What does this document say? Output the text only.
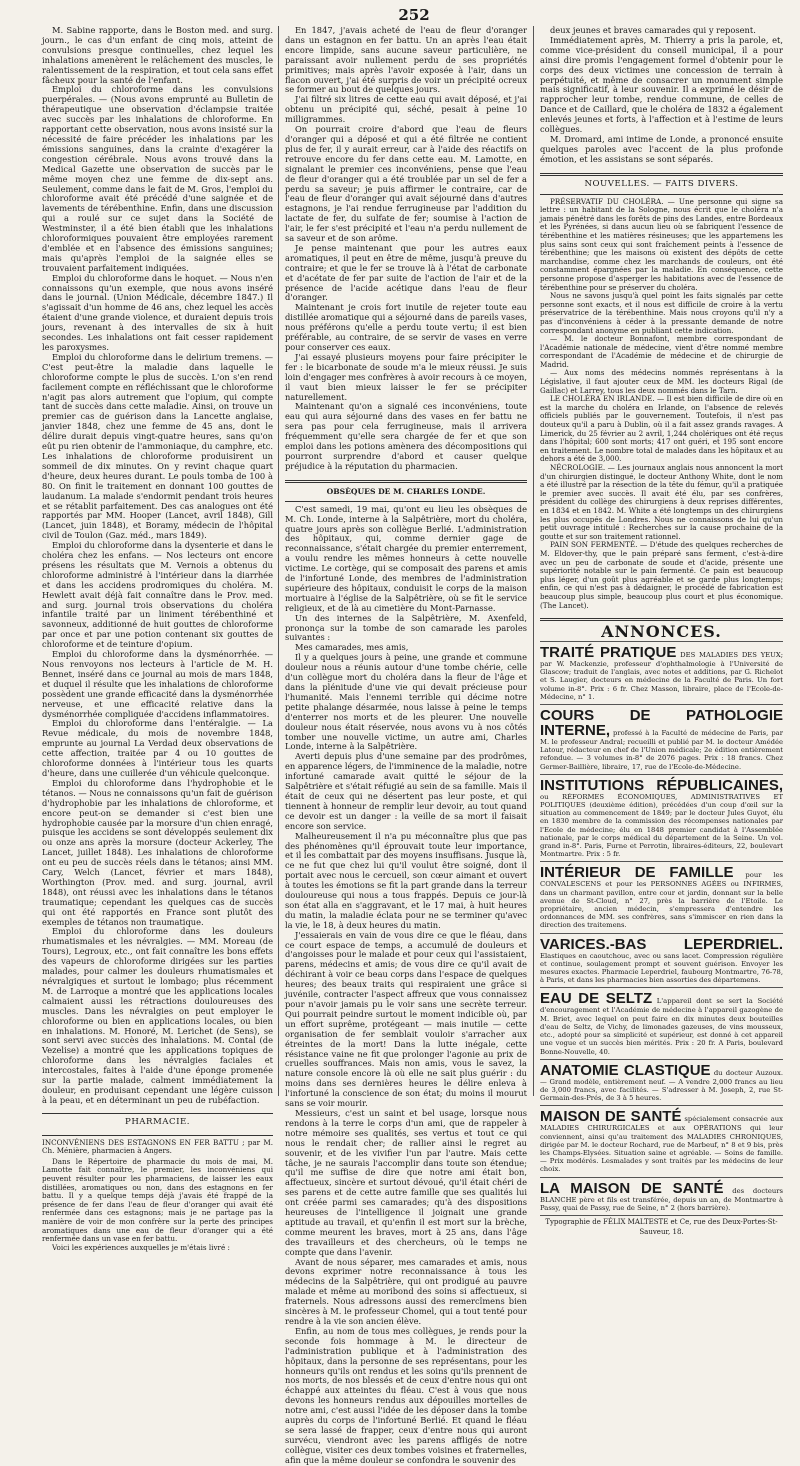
252

M. Sabine rapporte, dans le Boston med. and surg. journ., le cas d'un enfant de cinq mois, atteint de convulsions presque continuelles, chez lequel les inhalations amenèrent le relâchement des muscles, le ralentissement de la respiration, et tout cela sans effet fâcheux pour la santé de l'enfant.

Emploi du chloroforme dans les convulsions puerpérales. — (Nous avons emprunté au Bulletin de thérapeutique une observation d'éclampsie traitée avec succès par les inhalations de chloroforme. En rapportant cette observation, nous avons insisté sur la nécessité de faire précéder les inhalations par les émissions sanguines, dans la crainte d'exagérer la congestion cérébrale. Nous avons trouvé dans la Medical Gazette une observation de succès par le même moyen chez une femme de dix-sept ans. Seulement, comme dans le fait de M. Gros, l'emploi du chloroforme avait été précédé d'une saignée et de lavements de térébenthine. Enfin, dans une discussion qui a roulé sur ce sujet dans la Société de Westminster, il a été bien établi que les inhalations chloroformiques pouvaient être employées rarement d'emblée et en l'absence des émissions sanguines; mais qu'après l'emploi de la saignée elles se trouvaient parfaitement indiquées.

Emploi du chloroforme dans le hoquet. — Nous n'en connaissons qu'un exemple, que nous avons inséré dans le journal. (Union Médicale, décembre 1847.) Il s'agissait d'un homme de 46 ans, chez lequel les accès étaient d'une grande violence, et duraient depuis trois jours, revenant à des intervalles de six à huit secondes. Les inhalations ont fait cesser rapidement les paroxysmes.

Emploi du chloroforme dans le delirium tremens. — C'est peut-être la maladie dans laquelle le chloroforme compte le plus de succès. L'on s'en rend facilement compte en réfléchissant que le chloroforme n'agit pas alors autrement que l'opium, qui compte tant de succès dans cette maladie. Ainsi, on trouve un premier cas de guérison dans la Lancette anglaise, janvier 1848, chez une femme de 45 ans, dont le délire durait depuis vingt-quatre heures, sans qu'on eût pu rien obtenir de l'ammoniaque, du camphre, etc. Les inhalations de chloroforme produisirent un sommeil de dix minutes. On y revint chaque quart d'heure, deux heures durant. Le pouls tomba de 100 à 80. On finit le traitement en donnant 100 gouttes de laudanum. La malade s'endormit pendant trois heures et se rétablit parfaitement. Des cas analogues ont été rapportés par MM. Hooper (Lancet, avril 1848), Gill (Lancet, juin 1848), et Boramy, médecin de l'hôpital civil de Toulon (Gaz. méd., mars 1849).

Emploi du chloroforme dans la dysenterie et dans le choléra chez les enfans. — Nos lecteurs ont encore présens les résultats que M. Vernois a obtenus du chloroforme administré à l'intérieur dans la diarrhée et dans les accidens prodromiques du choléra. M. Hewlett avait déjà fait connaître dans le Prov. med. and surg. journal trois observations du choléra infantile traité par un liniment térébenthiné et savonneux, additionné de huit gouttes de chloroforme par once et par une potion contenant six gouttes de chloroforme et de teinture d'opium.

Emploi du chloroforme dans la dysménorrhée. — Nous renvoyons nos lecteurs à l'article de M. H. Bennet, inséré dans ce journal au mois de mars 1848, et duquel il résulte que les inhalations de chloroforme possèdent une grande efficacité dans la dysménorrhée nerveuse, et une efficacité relative dans la dysménorrhée compliquée d'accidens inflammatoires.

Emploi du chloroforme dans l'entéralgie. — La Revue médicale, du mois de novembre 1848, emprunte au journal La Verdad deux observations de cette affection, traitée par 4 ou 10 gouttes de chloroforme données à l'intérieur tous les quarts d'heure, dans une cuillerée d'un véhicule quelconque.

Emploi du chloroforme dans l'hydrophobie et le tétanos. — Nous ne connaissons qu'un fait de guérison d'hydrophobie par les inhalations de chloroforme, et encore peut-on se demander si c'est bien une hydrophobie causée par la morsure d'un chien enragé, puisque les accidens se sont développés seulement dix ou onze ans après la morsure (docteur Ackerley, The Lancet, juillet 1848). Les inhalations de chloroforme ont eu peu de succès réels dans le tétanos; ainsi MM. Cary, Welch (Lancet, février et mars 1848), Worthington (Prov. med. and surg. journal, avril 1848), ont réussi avec les inhalations dans le tétanos traumatique; cependant les quelques cas de succès qui ont été rapportés en France sont plutôt des exemples de tétanos non traumatique.

Emploi du chloroforme dans les douleurs rhumatismales et les névralgies. — MM. Moreau (de Tours), Legroux, etc., ont fait connaître les bons effets des vapeurs de chloroforme dirigées sur les parties malades, pour calmer les douleurs rhumatismales et névralgiques et surtout le lombago; plus récemment M. de Larroque a montré que les applications locales calmaient aussi les rétractions douloureuses des muscles. Dans les névralgies on peut employer le chloroforme ou bien en applications locales, ou bien en inhalations. M. Honoré, M. Lerichet (de Sens), se sont servi avec succès des inhalations. M. Contal (de Vezelise) a montré que les applications topiques de chloroforme dans les névralgies faciales et intercostales, faites à l'aide d'une éponge promenée sur la partie malade, calment immédiatement la douleur, en produisant cependant une légère cuisson à la peau, et en déterminant un peu de rubéfaction.

PHARMACIE.
INCONVÉNIENS DES ESTAGNONS EN FER BATTU ; par M. Ch. Ménière, pharmacien à Angers.

Dans le Répertoire de pharmacie du mois de mai, M. Lamotte fait connaître, le premier, les inconvéniens qui peuvent résulter pour les pharmaciens, de laisser les eaux distillées, aromatiques ou non, dans des estagnons en fer battu. Il y a quelque temps déjà j'avais été frappé de la présence de fer dans l'eau de fleur d'oranger qui avait été renfermée dans ces estagnons; mais je ne partage pas la manière de voir de mon confrère sur la perte des principes aromatiques dans une eau de fleur d'oranger qui a été renfermée dans un vase en fer battu.

Voici les expériences auxquelles je m'étais livré :

En 1847, j'avais acheté de l'eau de fleur d'oranger dans un estagnon en fer battu. Un an après l'eau était encore limpide, sans aucune saveur particulière, ne paraissant avoir nullement perdu de ses propriétés primitives; mais après l'avoir exposée à l'air, dans un flacon ouvert, j'ai été surpris de voir un précipité ocreux se former au bout de quelques jours.

J'ai filtré six litres de cette eau qui avait déposé, et j'ai obtenu un précipité qui, séché, pesait à peine 10 milligrammes.

On pourrait croire d'abord que l'eau de fleurs d'oranger qui a déposé et qui a été filtrée ne contient plus de fer, il y aurait erreur, car à l'aide des réactifs on retrouve encore du fer dans cette eau. M. Lamotte, en signalant le premier ces inconvéniens, pense que l'eau de fleur d'oranger qui a été troublée par un sel de fer a perdu sa saveur; je puis affirmer le contraire, car de l'eau de fleur d'oranger qui avait séjourné dans d'autres estagnons, je l'ai rendue ferrugineuse par l'addition du lactate de fer, du sulfate de fer; soumise à l'action de l'air, le fer s'est précipité et l'eau n'a perdu nullement de sa saveur et de son arôme.

Je pense maintenant que pour les autres eaux aromatiques, il peut en être de même, jusqu'à preuve du contraire; et que le fer se trouve là à l'état de carbonate et d'acétate de fer par suite de l'action de l'air et de la présence de l'acide acétique dans l'eau de fleur d'oranger.

Maintenant je crois fort inutile de rejeter toute eau distillée aromatique qui a séjourné dans de pareils vases, nous préférons qu'elle a perdu toute vertu; il est bien préférable, au contraire, de se servir de vases en verre pour conserver ces eaux.

J'ai essayé plusieurs moyens pour faire précipiter le fer : le bicarbonate de soude m'a le mieux réussi. Je suis loin d'engager mes confrères à avoir recours à ce moyen, il vaut bien mieux laisser le fer se précipiter naturellement.

Maintenant qu'on a signalé ces inconvéniens, toute eau qui aura séjourné dans des vases en fer battu ne sera pas pour cela ferrugineuse, mais il arrivera fréquemment qu'elle sera chargée de fer et que son emploi dans les potions amènera des décompositions qui pourront surprendre d'abord et causer quelque préjudice à la réputation du pharmacien.

OBSÈQUES DE M. CHARLES LONDE.

C'est samedi, 19 mai, qu'ont eu lieu les obsèques de M. Ch. Londe, interne à la Salpêtrière, mort du choléra, quatre jours après son collègue Berlié. L'administration des hôpitaux, qui, comme dernier gage de reconnaissance, s'était chargée du premier enterrement, a voulu rendre les mêmes honneurs à cette nouvelle victime. Le cortège, qui se composait des parens et amis de l'infortuné Londe, des membres de l'administration supérieure des hôpitaux, conduisit le corps de la maison mortuaire à l'église de la Salpêtrière, où se fit le service religieux, et de là au cimetière du Mont-Parnasse.

Un des internes de la Salpêtrière, M. Axenfeld, prononça sur la tombe de son camarade les paroles suivantes :

Mes camarades, mes amis,

Il y a quelques jours à peine, une grande et commune douleur nous a réunis autour d'une tombe chérie, celle d'un collègue mort du choléra dans la fleur de l'âge et dans la plénitude d'une vie qui devait précieuse pour l'humanité. Mais l'ennemi terrible qui décime notre petite phalange désarmée, nous laisse à peine le temps d'enterrer nos morts et de les pleurer. Une nouvelle douleur nous était réservée, nous avons vu à nos côtés tomber une nouvelle victime, un autre ami, Charles Londe, interne à la Salpêtrière.

Averti depuis plus d'une semaine par des prodrômes, en apparence légers, de l'imminence de la maladie, notre infortuné camarade avait quitté le séjour de la Salpêtrière et s'était réfugié au sein de sa famille. Mais il était de ceux qui ne désertent pas leur poste, et qui tiennent à honneur de remplir leur devoir, au tout quand ce devoir est un danger : la veille de sa mort il faisait encore son service.

Malheureusement il n'a pu méconnaître plus que pas des phénomènes qu'il éprouvait toute leur importance, et il les combattait par des moyens insuffisans. Jusque là, ce ne fut que chez lui qu'il voulut être soigné, dont il portait avec nous le cercueil, son cœur aimant et ouvert à toutes les émotions se fit la part grande dans la terreur douloureuse qui nous a tous frappés. Depuis ce jour-là son état alla en s'aggravant, et le 17 mai, à huit heures du matin, la maladie éclata pour ne se terminer qu'avec la vie, le 18, à deux heures du matin.

J'essaierais en vain de vous dire ce que le fléau, dans ce court espace de temps, a accumulé de douleurs et d'angoisses pour le malade et pour ceux qui l'assistaient, parens, médecins et amis; de vous dire ce qu'il avait de déchirant à voir ce beau corps dans l'espace de quelques heures; des beaux traits qui respiraient une grâce si juvénile, contracter l'aspect affreux que vous connaissez pour n'avoir jamais pu le voir sans une secrète terreur. Qui pourrait peindre surtout le moment indicible où, par un effort suprême, protégeant — mais inutile — cette organisation de fer semblait vouloir s'arracher aux étreintes de la mort! Dans la lutte inégale, cette résistance vaine ne fit que prolonger l'agonie au prix de cruelles souffrances. Mais non amis, vous le savez, la nature console encore là où elle ne sait plus guérir : du moins dans ses dernières heures le délire enleva à l'infortuné la conscience de son état; du moins il mourut sans se voir mourir.

Messieurs, c'est un saint et bel usage, lorsque nous rendons à la terre le corps d'un ami, que de rappeler à notre mémoire ses qualités, ses vertus et tout ce qui nous le rendait cher; de rallier ainsi le regret au souvenir, et de les vivifier l'un par l'autre. Mais cette tâche, je ne saurais l'accomplir dans toute son étendue; qu'il me suffise de dire que notre ami était bon, affectueux, sincère et surtout dévoué, qu'il était chéri de ses parens et de cette autre famille que ses qualités lui ont créée parmi ses camarades; qu'à des dispositions heureuses de l'intelligence il joignait une grande aptitude au travail, et qu'enfin il est mort sur la brèche, comme meurent les braves, mort à 25 ans, dans l'âge des travailleurs et des chercheurs, où le temps ne compte que dans l'avenir.

Avant de nous séparer, mes camarades et amis, nous devons exprimer notre reconnaissance à tous les médecins de la Salpêtrière, qui ont prodigué au pauvre malade et même au moribond des soins si affectueux, si fraternels. Nous adressons aussi des remercîmens bien sincères à M. le professeur Chomel, qui a tout tenté pour rendre à la vie son ancien élève.

Enfin, au nom de tous mes collègues, je rends pour la seconde fois hommage à M. le directeur de l'administration publique et à l'administration des hôpitaux, dans la personne de ses représentans, pour les honneurs qu'ils ont rendus et les soins qu'ils prennent de nos morts, de nos blessés et de ceux d'entre nous qui ont échappé aux atteintes du fléau. C'est à vous que nous devons les honneurs rendus aux dépouilles mortelles de notre ami, c'est aussi l'idée de les déposer dans la tombe auprès du corps de l'infortuné Berlié. Et quand le fléau se sera lassé de frapper, ceux d'entre nous qui auront survécu, viendront avec les parens affligés de notre collègue, visiter ces deux tombes voisines et fraternelles, afin que la même douleur se confondra le souvenir des

deux jeunes et braves camarades qui y reposent.

Immédiatement après, M. Thierry a pris la parole, et, comme vice-président du conseil municipal, il a pour ainsi dire promis l'engagement formel d'obtenir pour le corps des deux victimes une concession de terrain à perpétuité, et même de consacrer un monument simple mais significatif, à leur souvenir. Il a exprimé le désir de rapprocher leur tombe, rendue commune, de celles de Dance et de Caillard, que le choléra de 1832 a également enlevés jeunes et forts, à l'affection et à l'estime de leurs collègues.

M. Dromard, ami intime de Londe, a prononcé ensuite quelques paroles avec l'accent de la plus profonde émotion, et les assistans se sont séparés.

NOUVELLES. — FAITS DIVERS.

PRÉSERVATIF DU CHOLÉRA. — Une personne qui signe sa lettre : un habitant de la Sologne, nous écrit que le choléra n'a jamais pénétré dans les forêts de pins des Landes, entre Bordeaux et les Pyrénées, si dans aucun lieu où se fabriquent l'essence de térébenthine et les matières résineuses; que les appartemens les plus sains sont ceux qui sont fraîchement peints à l'essence de térébenthine; que les maisons où existent des dépôts de cette marchandise, comme chez les marchands de couleurs, ont été constamment épargnées par la maladie. En conséquence, cette personne propose d'asperger les habitations avec de l'essence de térébenthine pour se préserver du choléra.

Nous ne savons jusqu'à quel point les faits signalés par cette personne sont exacts, et il nous est difficile de croire à la vertu préservatrice de la térébenthine. Mais nous croyons qu'il n'y a pas d'inconvéniens à céder à la pressante demande de notre correspondant anonyme en publiant cette indication.

— M. le docteur Bonnafont, membre correspondant de l'Académie nationale de médecine, vient d'être nommé membre correspondant de l'Académie de médecine et de chirurgie de Madrid.

— Aux noms des médecins nommés représentans à la Législative, il faut ajouter ceux de MM. les docteurs Rigal (de Gaillac) et Larrey, tous les deux nommés dans le Tarn.

LE CHOLÉRA EN IRLANDE. — Il est bien difficile de dire où en est la marche du choléra en Irlande, on l'absence de relevés officiels publiés par le gouvernement. Toutefois, il n'est pas douteux qu'il a paru à Dublin, où il a fait assez grands ravages. A Limerick, du 25 février au 2 avril, 1,244 cholériques ont été reçus dans l'hôpital; 600 sont morts; 417 ont guéri, et 195 sont encore en traitement. Le nombre total de malades dans les hôpitaux et au dehors a été de 3,000.

NÉCROLOGIE. — Les journaux anglais nous annoncent la mort d'un chirurgien distingué, le docteur Anthony White, dont le nom a été illustré par la résection de la tête du fémur, qu'il a pratiquée le premier avec succès. Il avait été élu, par ses confrères, président du collège des chirurgiens à deux reprises différentes, en 1834 et en 1842. M. White a été longtemps un des chirurgiens les plus occupés de Londres. Nous ne connaissons de lui qu'un petit ouvrage intitulé : Recherches sur la cause prochaine de la goutte et sur son traitement rationnel.

PAIN SON FERMENTÉ. — D'étude des quelques recherches de M. Eldover-thy, que le pain préparé sans ferment, c'est-à-dire avec un peu de carbonate de soude et d'acide, présente une supériorité notable sur le pain fermenté. Ce pain est beaucoup plus léger, d'un goût plus agréable et se garde plus longtemps; enfin, ce qui n'est pas à dédaigner, le procédé de fabrication est beaucoup plus simple, beaucoup plus court et plus économique. (The Lancet).

ANNONCES.
TRAITÉ PRATIQUE DES MALADIES DES YEUX; par W. Mackenzie, professeur d'ophthalmologie à l'Université de Glascow; traduit de l'anglais, avec notes et additions, par G. Richelot et S. Laugier, docteurs en médecine de la Faculté de Paris. Un fort volume in-8°. Prix : 6 fr. Chez Masson, libraire, place de l'Ecole-de-Médecine, n° 1.
COURS DE PATHOLOGIE INTERNE, professé à la Faculté de médecine de Paris, par M. le professeur Andral; recueilli et publié par M. le docteur Amédée Latour, rédacteur en chef de l'Union médicale; 2e édition entièrement refondue. — 3 volumes in-8° de 2076 pages. Prix : 18 francs. Chez Germer-Baillière, libraire, 17, rue de l'Ecole-de-Médecine.
INSTITUTIONS RÉPUBLICAINES, ou RÉFORMES ÉCONOMIQUES, ADMINISTRATIVES ET POLITIQUES (deuxième édition), précédées d'un coup d'œil sur la situation au commencement de 1849; par le docteur Jules Guyot, élu en 1830 membre de la commission des récompenses nationales par l'Ecole de médecine; élu en 1848 premier candidat à l'Assemblée nationale, par le corps médical du département de la Seine. Un vol. grand in-8°. Paris, Furne et Perrotin, libraires-éditeurs, 22, boulevart Montmartre. Prix : 5 fr.
INTÉRIEUR DE FAMILLE pour les CONVALESCENS et pour les PERSONNES AGÉES ou INFIRMES, dans un charmant pavillon, entre cour et jardin, donnant sur la belle avenue de St-Cloud, n° 27, près la barrière de l'Etoile. Le propriétaire, ancien médecin, s'empressera d'entendre les ordonnances de MM. ses confrères, sans s'immiscer en rien dans la direction des traitemens.
VARICES.-BAS LEPERDRIEL. Elastiques en caoutchouc, avec ou sans lacet. Compression régulière et continue, soulagement prompt et souvent guérison. Envoyer les mesures exactes. Pharmacie Leperdriel, faubourg Montmartre, 76-78, à Paris, et dans les pharmacies bien assorties des départemens.
EAU DE SELTZ L'appareil dont se sert la Société d'encouragement et l'Académie de médecine à l'appareil gazogène de M. Briet, avec lequel on peut faire en dix minutes deux bouteilles d'eau de Seltz, de Vichy, de limonades gazeuses, de vins mousseux, etc., adopté pour sa simplicité et supérieur, est donné à cet appareil une vogue et un succès bien mérités. Prix : 20 fr. A Paris, boulevard Bonne-Nouvelle, 40.
ANATOMIE CLASTIQUE du docteur Auzoux. — Grand modèle, entièrement neuf. — A vendre 2,000 francs au lieu de 3,000 francs, avec facilités. — S'adresser à M. Joseph, 2, rue St-Germain-des-Prés, de 3 à 5 heures.
MAISON DE SANTÉ spécialement consacrée aux MALADIES CHIRURGICALES et aux OPÉRATIONS qui leur conviennent, ainsi qu'au traitement des MALADIES CHRONIQUES, dirigée par M. le docteur Rochard, rue de Marbeuf, n° 8 et 9 bis, près les Champs-Elysées. Situation saine et agréable. — Soins de famille. — Prix modérés. Lesmalades y sont traités par les médecins de leur choix.
LA MAISON DE SANTÉ des docteurs BLANCHE père et fils est transférée, depuis un an, de Montmartre à Passy, quai de Passy, rue de Seine, n° 2 (hors barrière).
Typographie de FÉLIX MALTESTE et Ce, rue des Deux-Portes-St-Sauveur, 18.
